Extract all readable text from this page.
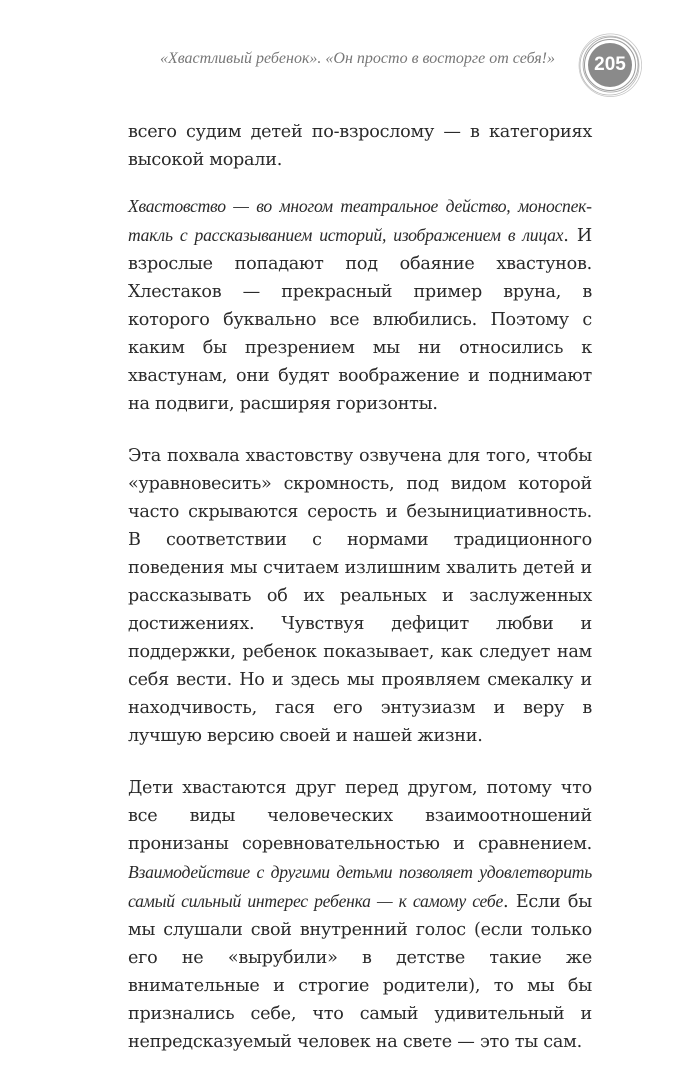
«Хвастливый ребенок». «Он просто в восторге от себя!»	205

всего судим детей по-взрослому — в категориях высокой морали.

Хвастовство — во многом театральное действо, моноспектакль с рассказыванием историй, изображением в лицах. И взрослые попадают под обаяние хвастунов. Хлестаков — прекрасный пример вруна, в которого буквально все влюбились. Поэтому с каким бы презрением мы ни относились к хвастунам, они будят воображение и поднимают на подвиги, расширяя горизонты.

Эта похвала хвастовству озвучена для того, чтобы «уравновесить» скромность, под видом которой часто скрываются серость и безынициативность. В соответствии с нормами традиционного поведения мы считаем излишним хвалить детей и рассказывать об их реальных и заслуженных достижениях. Чувствуя дефицит любви и поддержки, ребенок показывает, как следует нам себя вести. Но и здесь мы проявляем смекалку и находчивость, гася его энтузиазм и веру в лучшую версию своей и нашей жизни.

Дети хвастаются друг перед другом, потому что все виды человеческих взаимоотношений пронизаны соревновательностью и сравнением. Взаимодействие с другими детьми позволяет удовлетворить самый сильный интерес ребенка — к самому себе. Если бы мы слушали свой внутренний голос (если только его не «вырубили» в детстве такие же внимательные и строгие родители), то мы бы признались себе, что самый удивительный и непредсказуемый человек на свете — это ты сам.
